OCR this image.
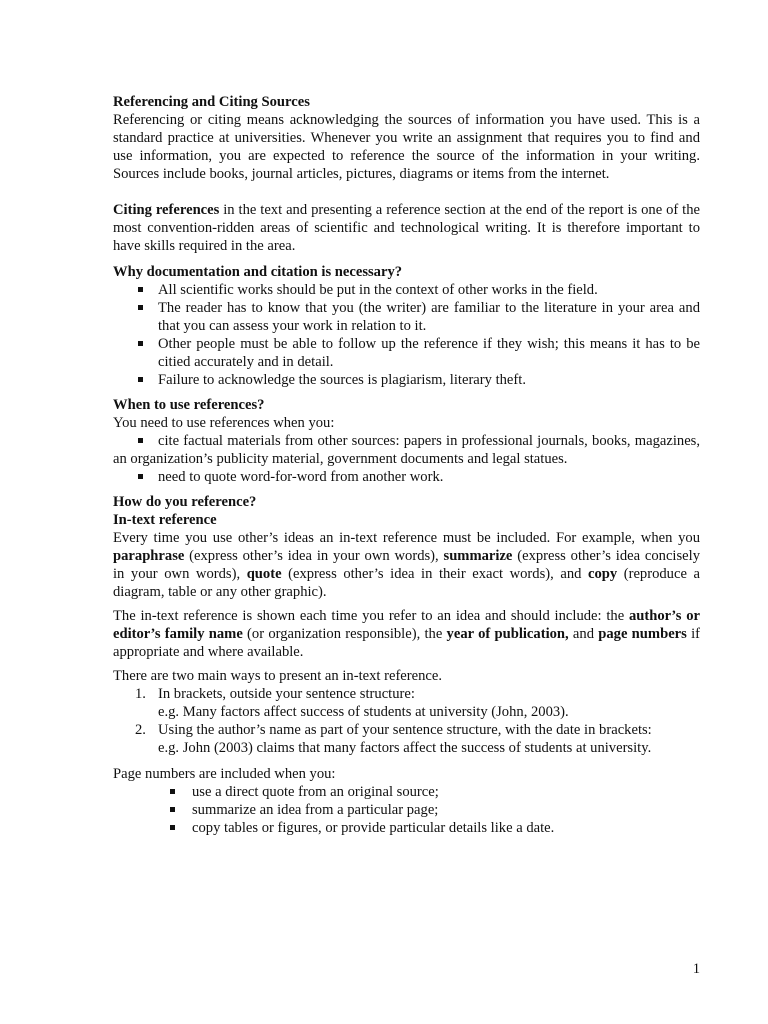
Referencing and Citing Sources

Referencing or citing means acknowledging the sources of information you have used. This is a standard practice at universities. Whenever you write an assignment that requires you to find and use information, you are expected to reference the source of the information in your writing. Sources include books, journal articles, pictures, diagrams or items from the internet.

Citing references in the text and presenting a reference section at the end of the report is one of the most convention-ridden areas of scientific and technological writing. It is therefore important to have skills required in the area.

Why documentation and citation is necessary?

All scientific works should be put in the context of other works in the field.
The reader has to know that you (the writer) are familiar to the literature in your area and that you can assess your work in relation to it.
Other people must be able to follow up the reference if they wish; this means it has to be citied accurately and in detail.
Failure to acknowledge the sources is plagiarism, literary theft.

When to use references?

You need to use references when you:

cite factual materials from other sources: papers in professional journals, books, magazines, an organization’s publicity material, government documents and legal statues.
need to quote word-for-word from another work.

How do you reference?

In-text reference

Every time you use other’s ideas an in-text reference must be included. For example, when you paraphrase (express other’s idea in your own words), summarize (express other’s idea concisely in your own words), quote (express other’s idea in their exact words), and copy (reproduce a diagram, table or any other graphic).

The in-text reference is shown each time you refer to an idea and should include: the author’s or editor’s family name (or organization responsible), the year of publication, and page numbers if appropriate and where available.

There are two main ways to present an in-text reference.

1. In brackets, outside your sentence structure:
e.g. Many factors affect success of students at university (John, 2003).
2. Using the author’s name as part of your sentence structure, with the date in brackets:
e.g. John (2003) claims that many factors affect the success of students at university.

Page numbers are included when you:

use a direct quote from an original source;
summarize an idea from a particular page;
copy tables or figures, or provide particular details like a date.
1
